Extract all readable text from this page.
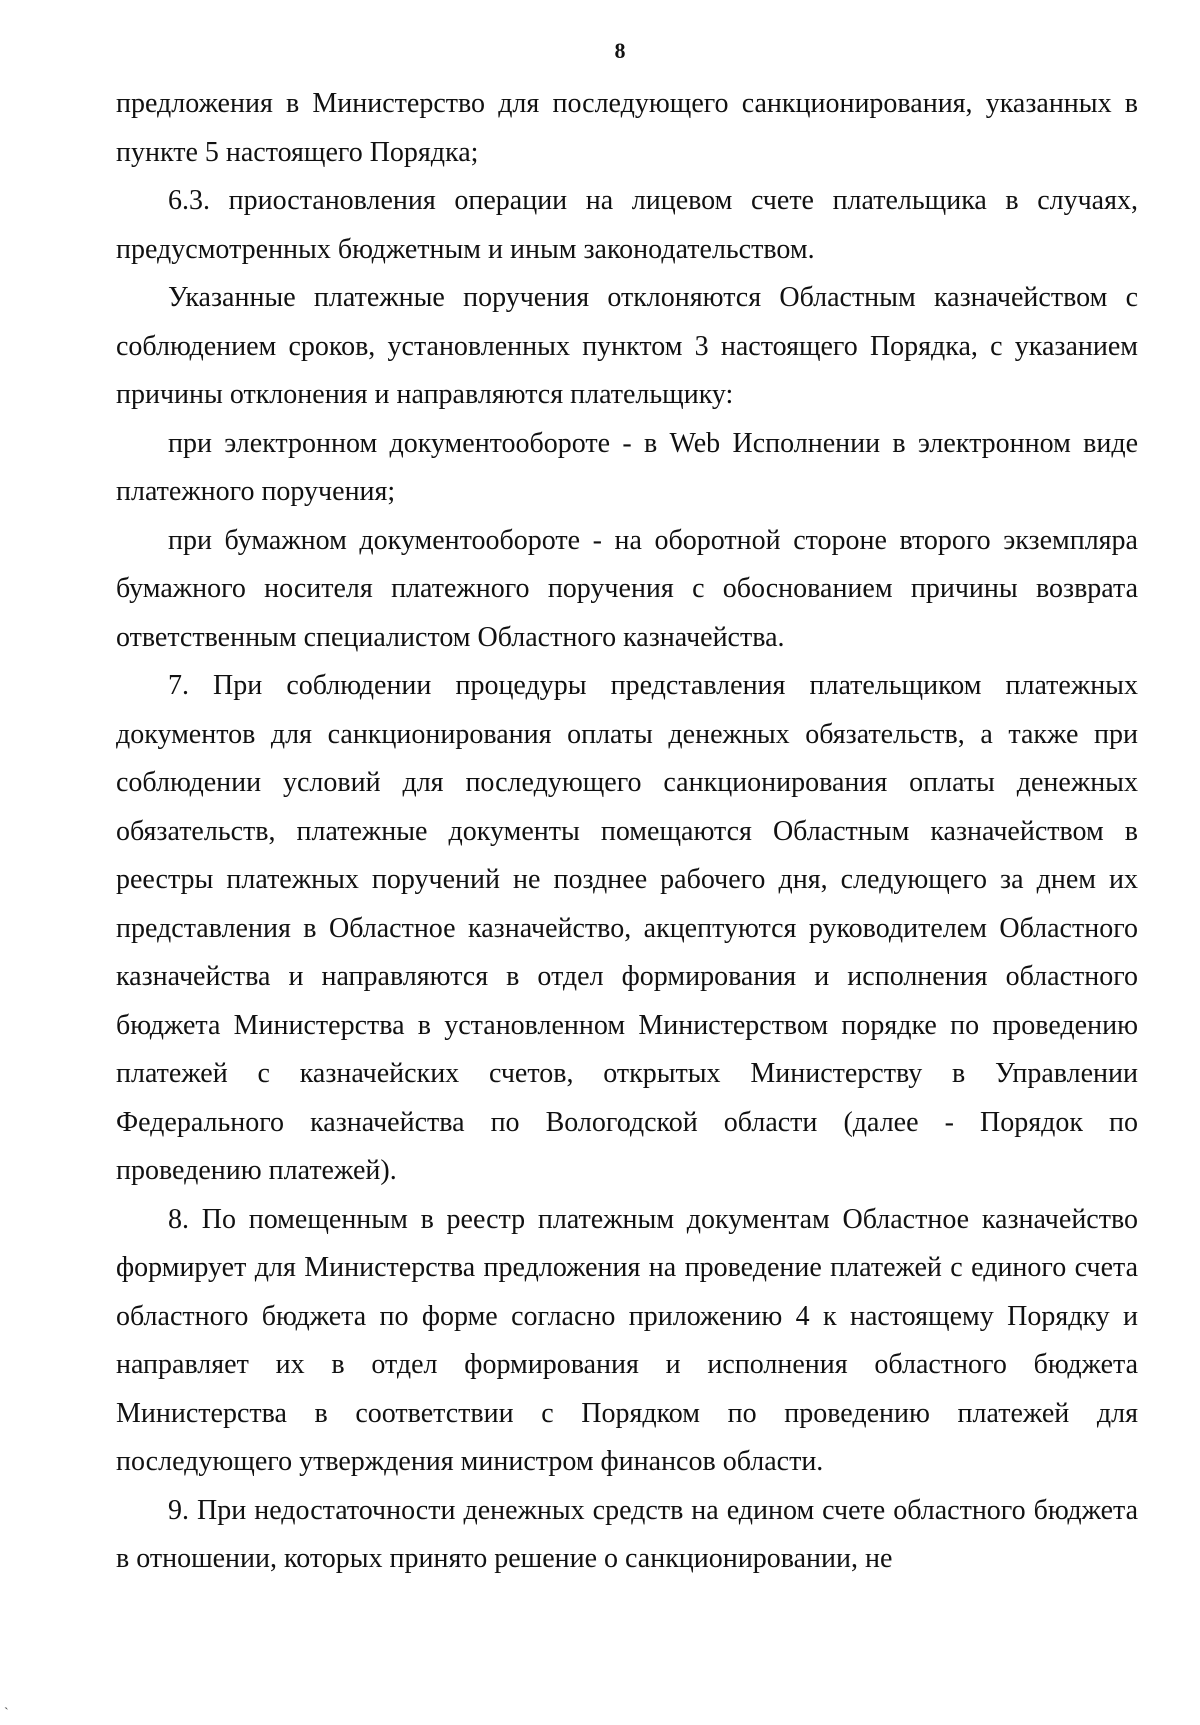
8

предложения в Министерство для последующего санкционирования, указанных в пункте 5 настоящего Порядка;

6.3. приостановления операции на лицевом счете плательщика в случаях, предусмотренных бюджетным и иным законодательством.

Указанные платежные поручения отклоняются Областным казначейством с соблюдением сроков, установленных пунктом 3 настоящего Порядка, с указанием причины отклонения и направляются плательщику:

при электронном документообороте - в Web Исполнении в электронном виде платежного поручения;

при бумажном документообороте - на оборотной стороне второго экземпляра бумажного носителя платежного поручения с обоснованием причины возврата ответственным специалистом Областного казначейства.

7. При соблюдении процедуры представления плательщиком платежных документов для санкционирования оплаты денежных обязательств, а также при соблюдении условий для последующего санкционирования оплаты денежных обязательств, платежные документы помещаются Областным казначейством в реестры платежных поручений не позднее рабочего дня, следующего за днем их представления в Областное казначейство, акцептуются руководителем Областного казначейства и направляются в отдел формирования и исполнения областного бюджета Министерства в установленном Министерством порядке по проведению платежей с казначейских счетов, открытых Министерству в Управлении Федерального казначейства по Вологодской области (далее - Порядок по проведению платежей).

8. По помещенным в реестр платежным документам Областное казначейство формирует для Министерства предложения на проведение платежей с единого счета областного бюджета по форме согласно приложению 4 к настоящему Порядку и направляет их в отдел формирования и исполнения областного бюджета Министерства в соответствии с Порядком по проведению платежей для последующего утверждения министром финансов области.

9. При недостаточности денежных средств на едином счете областного бюджета в отношении, которых принято решение о санкционировании, не

`
